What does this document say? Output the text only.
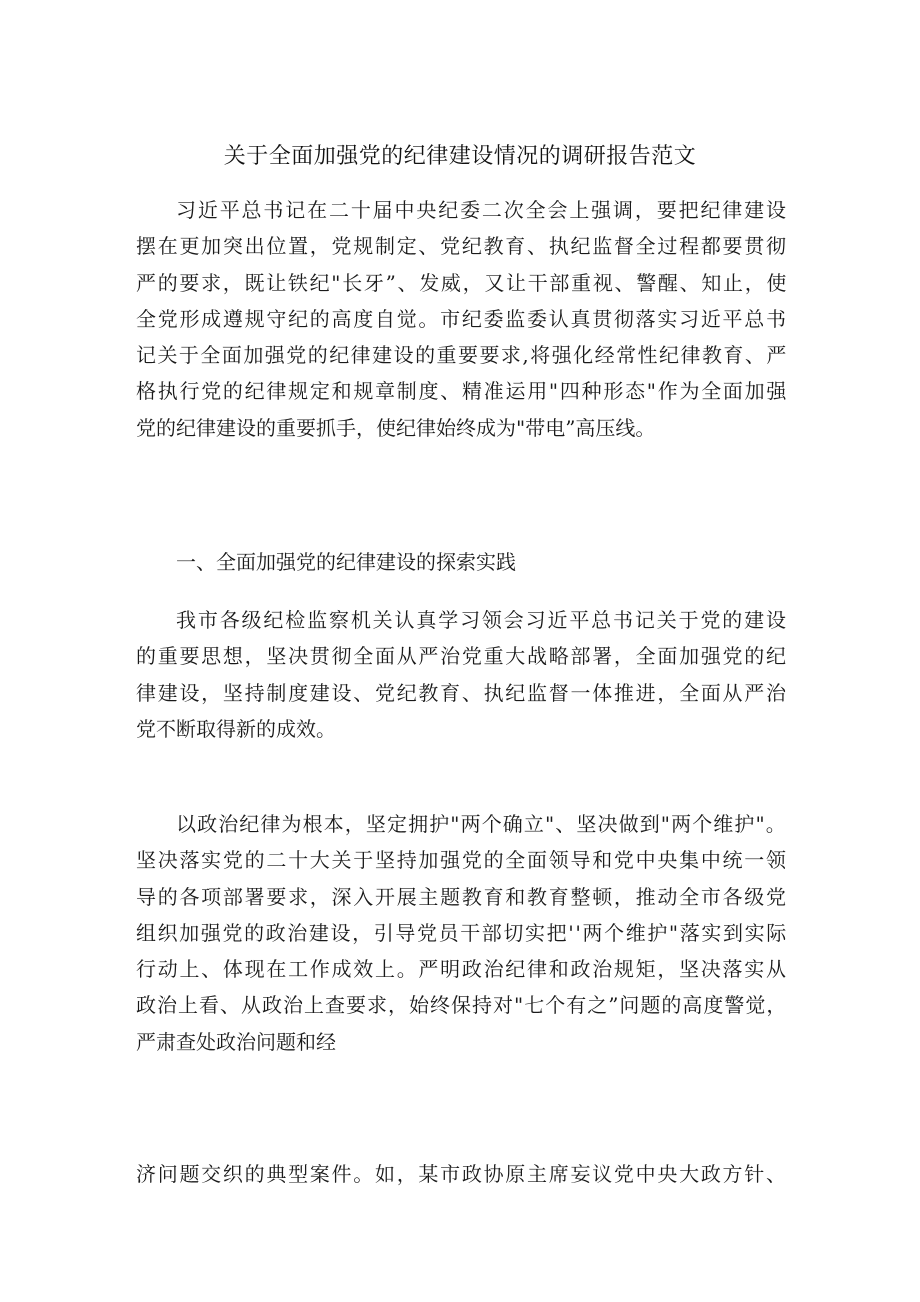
关于全面加强党的纪律建设情况的调研报告范文
习近平总书记在二十届中央纪委二次全会上强调，要把纪律建设
摆在更加突出位置，党规制定、党纪教育、执纪监督全过程都要贯彻
严的要求，既让铁纪"长牙”、发威，又让干部重视、警醒、知止，使
全党形成遵规守纪的高度自觉。市纪委监委认真贯彻落实习近平总书
记关于全面加强党的纪律建设的重要要求,将强化经常性纪律教育、严
格执行党的纪律规定和规章制度、精准运用"四种形态"作为全面加强
党的纪律建设的重要抓手，使纪律始终成为"带电”高压线。
一、全面加强党的纪律建设的探索实践
我市各级纪检监察机关认真学习领会习近平总书记关于党的建设
的重要思想，坚决贯彻全面从严治党重大战略部署，全面加强党的纪
律建设，坚持制度建设、党纪教育、执纪监督一体推进，全面从严治
党不断取得新的成效。
以政治纪律为根本，坚定拥护"两个确立"、坚决做到"两个维护"。
坚决落实党的二十大关于坚持加强党的全面领导和党中央集中统一领
导的各项部署要求，深入开展主题教育和教育整顿，推动全市各级党
组织加强党的政治建设，引导党员干部切实把''两个维护"落实到实际
行动上、体现在工作成效上。严明政治纪律和政治规矩，坚决落实从
政治上看、从政治上查要求，始终保持对"七个有之”问题的高度警觉，
严肃查处政治问题和经
济问题交织的典型案件。如，某市政协原主席妄议党中央大政方针、
